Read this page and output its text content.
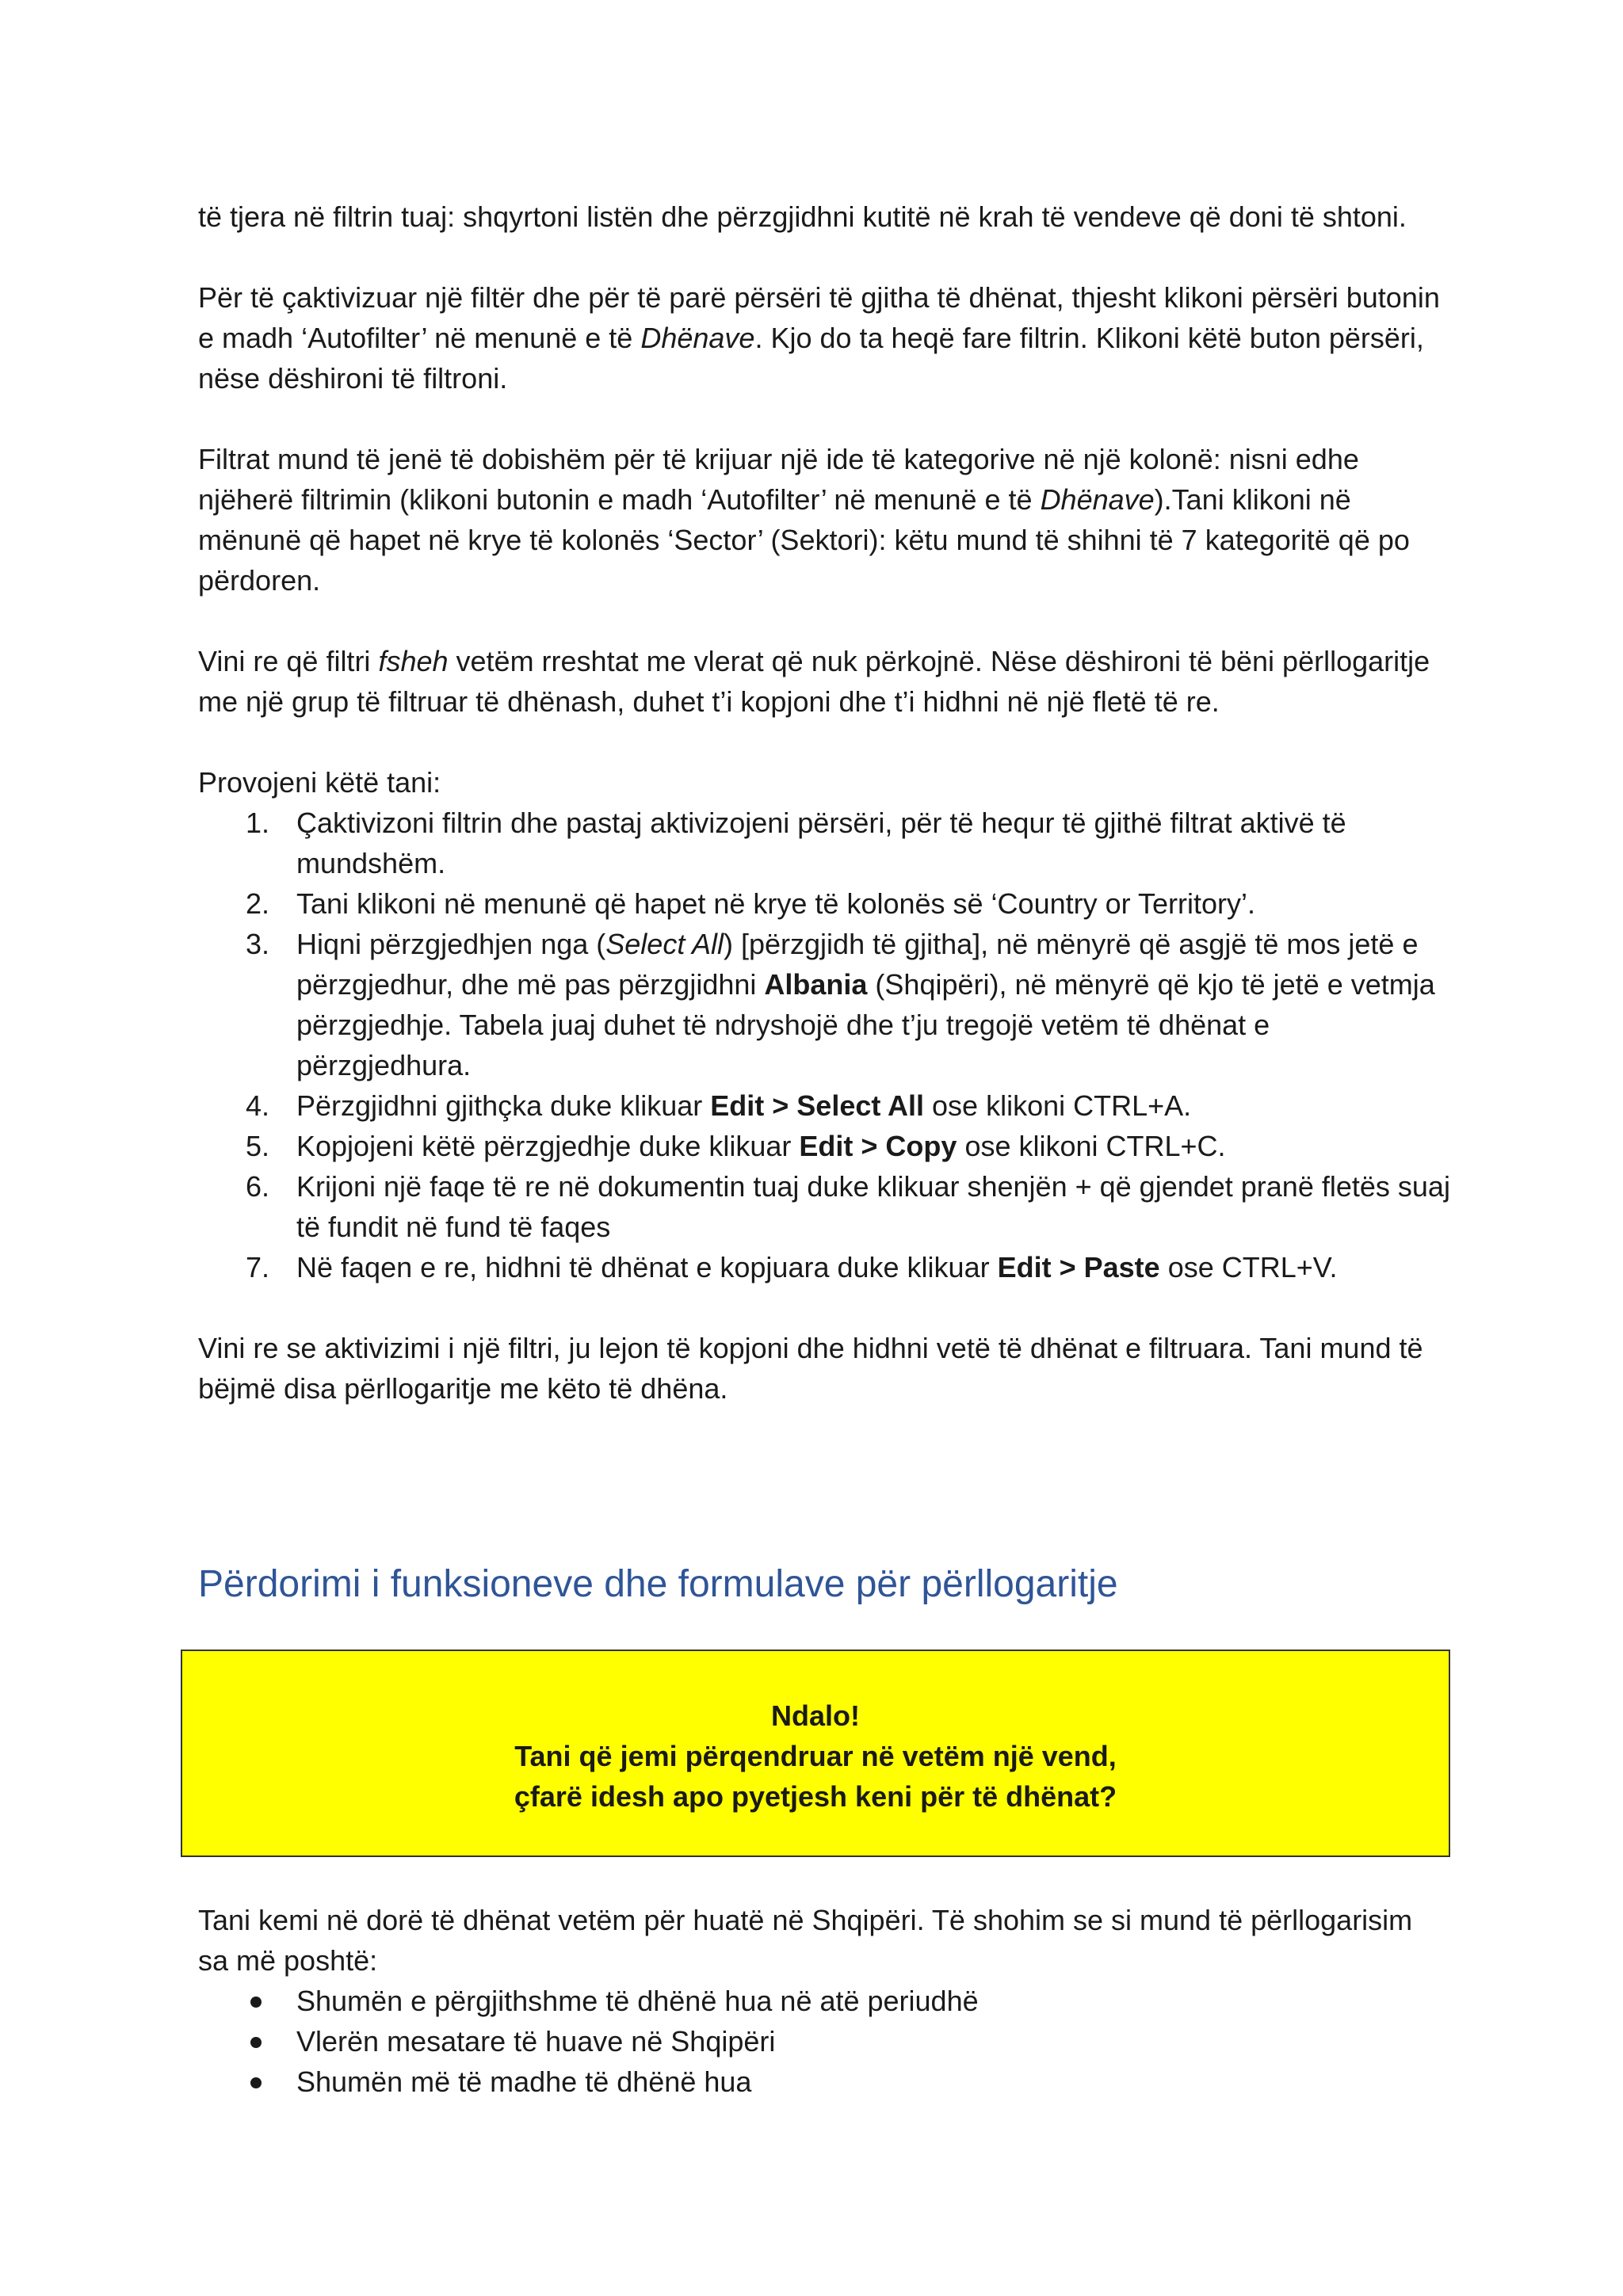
të tjera në filtrin tuaj: shqyrtoni listën dhe përzgjidhni kutitë në krah të vendeve që doni të shtoni.

Për të çaktivizuar një filtër dhe për të parë përsëri të gjitha të dhënat, thjesht klikoni përsëri butonin e madh ‘Autofilter’ në menunë e të Dhënave. Kjo do ta heqë fare filtrin. Klikoni këtë buton përsëri, nëse dëshironi të filtroni.

Filtrat mund të jenë të dobishëm për të krijuar një ide të kategorive në një kolonë: nisni edhe njëherë filtrimin (klikoni butonin e madh ‘Autofilter’ në menunë e të Dhënave).Tani klikoni në mënunë që hapet në krye të kolonës ‘Sector’ (Sektori): këtu mund të shihni të 7 kategoritë që po përdoren.

Vini re që filtri fsheh vetëm rreshtat me vlerat që nuk përkojnë. Nëse dëshironi të bëni përllogaritje me një grup të filtruar të dhënash, duhet t’i kopjoni dhe t’i hidhni në një fletë të re.

Provojeni këtë tani:

1. Çaktivizoni filtrin dhe pastaj aktivizojeni përsëri, për të hequr të gjithë filtrat aktivë të mundshëm.
2. Tani klikoni në menunë që hapet në krye të kolonës së ‘Country or Territory’.
3. Hiqni përzgjedhjen nga (Select All) [përzgjidh të gjitha], në mënyrë që asgjë të mos jetë e përzgjedhur, dhe më pas përzgjidhni Albania (Shqipëri), në mënyrë që kjo të jetë e vetmja përzgjedhje. Tabela juaj duhet të ndryshojë dhe t’ju tregojë vetëm të dhënat e përzgjedhura.
4. Përzgjidhni gjithçka duke klikuar Edit > Select All ose klikoni CTRL+A.
5. Kopjojeni këtë përzgjedhje duke klikuar Edit > Copy ose klikoni CTRL+C.
6. Krijoni një faqe të re në dokumentin tuaj duke klikuar shenjën + që gjendet pranë fletës suaj të fundit në fund të faqes
7. Në faqen e re, hidhni të dhënat e kopjuara duke klikuar Edit > Paste ose CTRL+V.

Vini re se aktivizimi i një filtri, ju lejon të kopjoni dhe hidhni vetë të dhënat e filtruara. Tani mund të bëjmë disa përllogaritje me këto të dhëna.

Përdorimi i funksioneve dhe formulave për përllogaritje
Ndalo!
Tani që jemi përqendruar në vetëm një vend,
çfarë idesh apo pyetjesh keni për të dhënat?

Tani kemi në dorë të dhënat vetëm për huatë në Shqipëri. Të shohim se si mund të përllogarisim sa më poshtë:

Shumën e përgjithshme të dhënë hua në atë periudhë
Vlerën mesatare të huave në Shqipëri
Shumën më të madhe të dhënë hua
